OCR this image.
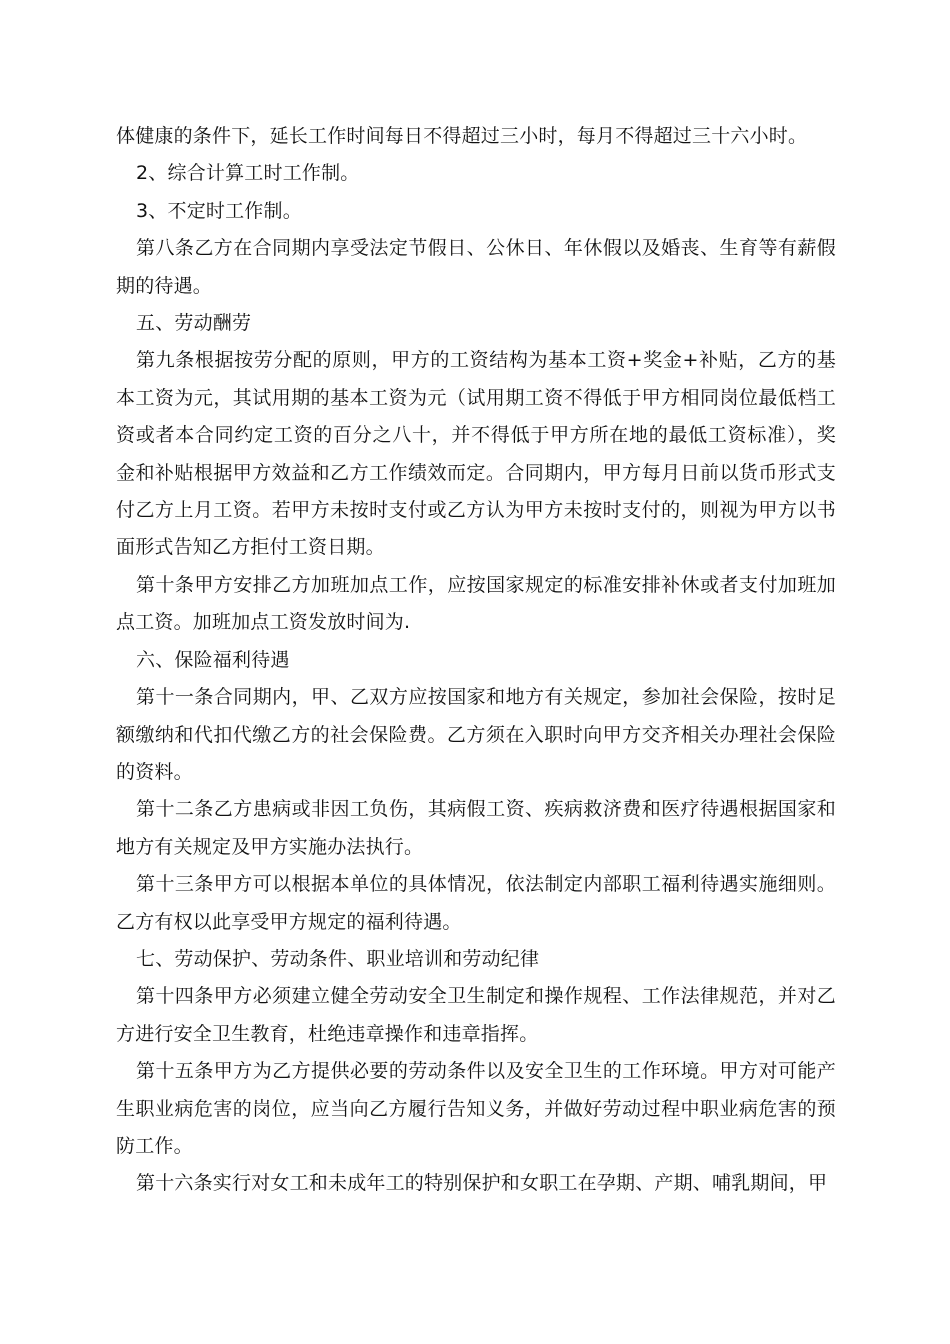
体健康的条件下，延长工作时间每日不得超过三小时，每月不得超过三十六小时。

2、综合计算工时工作制。

3、不定时工作制。

第八条乙方在合同期内享受法定节假日、公休日、年休假以及婚丧、生育等有薪假期的待遇。

五、劳动酬劳

第九条根据按劳分配的原则，甲方的工资结构为基本工资+奖金+补贴，乙方的基本工资为元，其试用期的基本工资为元（试用期工资不得低于甲方相同岗位最低档工资或者本合同约定工资的百分之八十，并不得低于甲方所在地的最低工资标准），奖金和补贴根据甲方效益和乙方工作绩效而定。合同期内，甲方每月日前以货币形式支付乙方上月工资。若甲方未按时支付或乙方认为甲方未按时支付的，则视为甲方以书面形式告知乙方拒付工资日期。

第十条甲方安排乙方加班加点工作，应按国家规定的标准安排补休或者支付加班加点工资。加班加点工资发放时间为.

六、保险福利待遇

第十一条合同期内，甲、乙双方应按国家和地方有关规定，参加社会保险，按时足额缴纳和代扣代缴乙方的社会保险费。乙方须在入职时向甲方交齐相关办理社会保险的资料。

第十二条乙方患病或非因工负伤，其病假工资、疾病救济费和医疗待遇根据国家和地方有关规定及甲方实施办法执行。

第十三条甲方可以根据本单位的具体情况，依法制定内部职工福利待遇实施细则。乙方有权以此享受甲方规定的福利待遇。

七、劳动保护、劳动条件、职业培训和劳动纪律

第十四条甲方必须建立健全劳动安全卫生制定和操作规程、工作法律规范，并对乙方进行安全卫生教育，杜绝违章操作和违章指挥。

第十五条甲方为乙方提供必要的劳动条件以及安全卫生的工作环境。甲方对可能产生职业病危害的岗位，应当向乙方履行告知义务，并做好劳动过程中职业病危害的预防工作。

第十六条实行对女工和未成年工的特别保护和女职工在孕期、产期、哺乳期间，甲
